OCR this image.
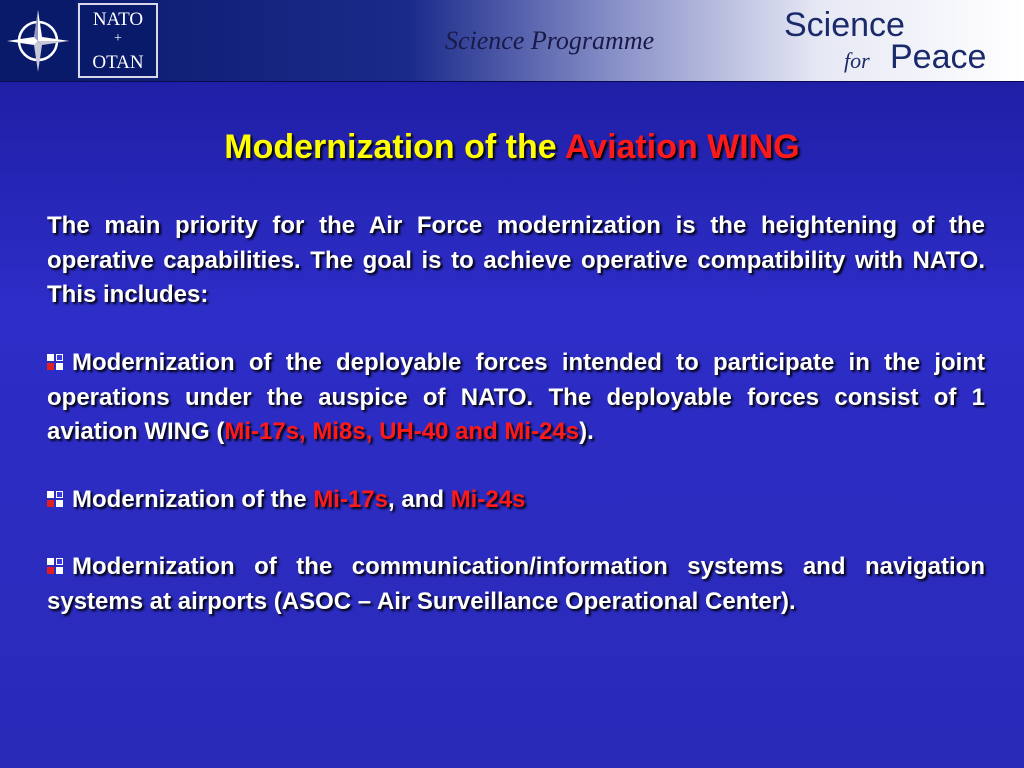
NATO
+
OTAN
Science Programme	Science
for Peace
Modernization of the Aviation WING
The main priority for the Air Force modernization is the heightening of the operative capabilities. The goal is to achieve operative compatibility with NATO. This includes:
Modernization of the deployable forces intended to participate in the joint operations under the auspice of NATO. The deployable forces consist of 1 aviation WING (Mi-17s, Mi8s, UH-40 and Mi-24s).
Modernization of the Mi-17s, and Mi-24s
Modernization of the communication/information systems and navigation systems at airports (ASOC – Air Surveillance Operational Center).
